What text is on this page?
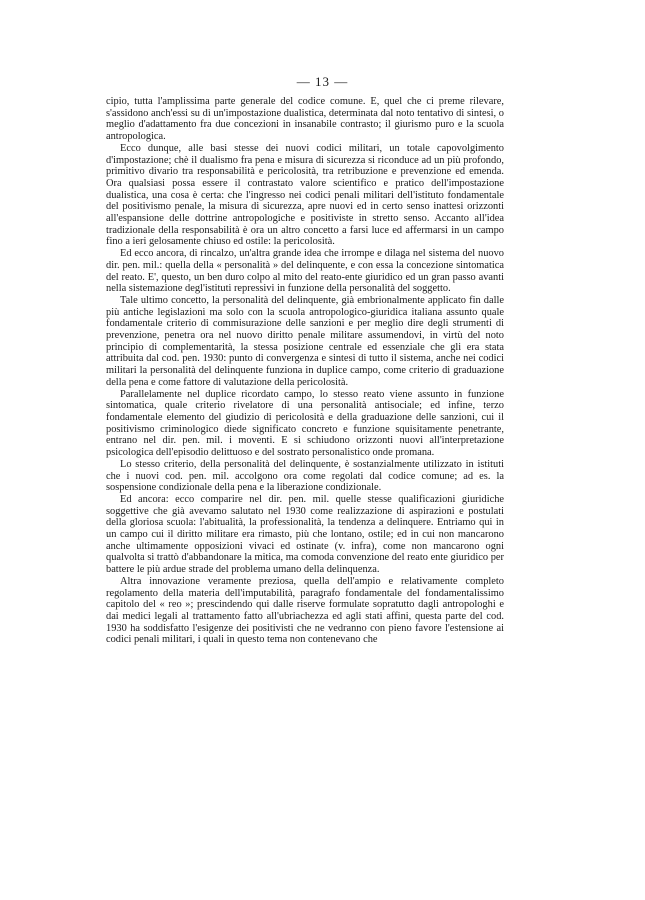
— 13 —

cipio, tutta l'amplissima parte generale del codice comune. E, quel che ci preme rilevare, s'assidono anch'essi su di un'impostazione dualistica, determinata dal noto tentativo di sintesi, o meglio d'adattamento fra due concezioni in insanabile contrasto; il giurismo puro e la scuola antropologica.

Ecco dunque, alle basi stesse dei nuovi codici militari, un totale capovolgimento d'impostazione; chè il dualismo fra pena e misura di sicurezza si riconduce ad un più profondo, primitivo divario tra responsabilità e pericolosità, tra retribuzione e prevenzione ed emenda. Ora qualsiasi possa essere il contrastato valore scientifico e pratico dell'impostazione dualistica, una cosa è certa: che l'ingresso nei codici penali militari dell'istituto fondamentale del positivismo penale, la misura di sicurezza, apre nuovi ed in certo senso inattesi orizzonti all'espansione delle dottrine antropologiche e positiviste in stretto senso. Accanto all'idea tradizionale della responsabilità è ora un altro concetto a farsi luce ed affermarsi in un campo fino a ieri gelosamente chiuso ed ostile: la pericolosità.

Ed ecco ancora, di rincalzo, un'altra grande idea che irrompe e dilaga nel sistema del nuovo dir. pen. mil.: quella della « personalità » del delinquente, e con essa la concezione sintomatica del reato. E', questo, un ben duro colpo al mito del reato-ente giuridico ed un gran passo avanti nella sistemazione degl'istituti repressivi in funzione della personalità del soggetto.

Tale ultimo concetto, la personalità del delinquente, già embrionalmente applicato fin dalle più antiche legislazioni ma solo con la scuola antropologico-giuridica italiana assunto quale fondamentale criterio di commisurazione delle sanzioni e per meglio dire degli strumenti di prevenzione, penetra ora nel nuovo diritto penale militare assumendovi, in virtù del noto principio di complementarità, la stessa posizione centrale ed essenziale che gli era stata attribuita dal cod. pen. 1930: punto di convergenza e sintesi di tutto il sistema, anche nei codici militari la personalità del delinquente funziona in duplice campo, come criterio di graduazione della pena e come fattore di valutazione della pericolosità.

Parallelamente nel duplice ricordato campo, lo stesso reato viene assunto in funzione sintomatica, quale criterio rivelatore di una personalità antisociale; ed infine, terzo fondamentale elemento del giudizio di pericolosità e della graduazione delle sanzioni, cui il positivismo criminologico diede significato concreto e funzione squisitamente penetrante, entrano nel dir. pen. mil. i moventi. E si schiudono orizzonti nuovi all'interpretazione psicologica dell'episodio delittuoso e del sostrato personalistico onde promana.

Lo stesso criterio, della personalità del delinquente, è sostanzialmente utilizzato in istituti che i nuovi cod. pen. mil. accolgono ora come regolati dal codice comune; ad es. la sospensione condizionale della pena e la liberazione condizionale.

Ed ancora: ecco comparire nel dir. pen. mil. quelle stesse qualificazioni giuridiche soggettive che già avevamo salutato nel 1930 come realizzazione di aspirazioni e postulati della gloriosa scuola: l'abitualità, la professionalità, la tendenza a delinquere. Entriamo qui in un campo cui il diritto militare era rimasto, più che lontano, ostile; ed in cui non mancarono anche ultimamente opposizioni vivaci ed ostinate (v. infra), come non mancarono ogni qualvolta si trattò d'abbandonare la mitica, ma comoda convenzione del reato ente giuridico per battere le più ardue strade del problema umano della delinquenza.

Altra innovazione veramente preziosa, quella dell'ampio e relativamente completo regolamento della materia dell'imputabilità, paragrafo fondamentale del fondamentalissimo capitolo del « reo »; prescindendo qui dalle riserve formulate sopratutto dagli antropologhi e dai medici legali al trattamento fatto all'ubriachezza ed agli stati affini, questa parte del cod. 1930 ha soddisfatto l'esigenze dei positivisti che ne vedranno con pieno favore l'estensione ai codici penali militari, i quali in questo tema non contenevano che
